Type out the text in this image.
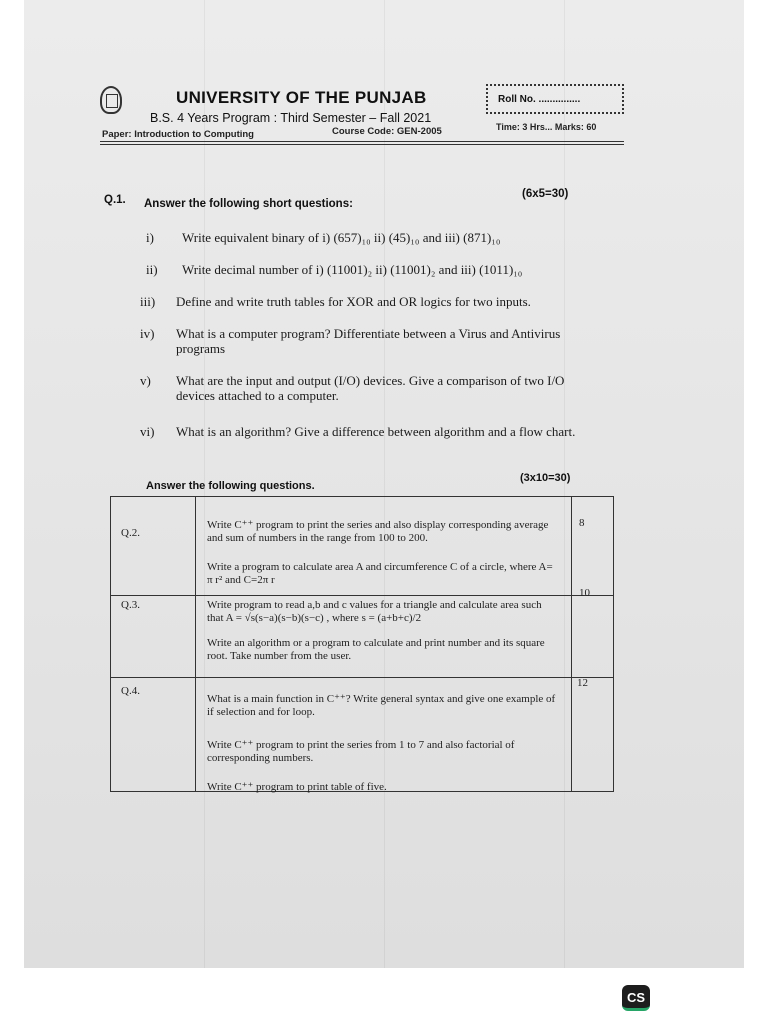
UNIVERSITY OF THE PUNJAB
B.S. 4 Years Program : Third Semester – Fall 2021
Paper: Introduction to Computing	Course Code: GEN-2005
Roll No. ...............
Time: 3 Hrs... Marks: 60
Q.1. Answer the following short questions:
(6x5=30)
i) Write equivalent binary of i) (657)₁₀ ii) (45)₁₀ and iii) (871)₁₀
ii) Write decimal number of i) (11001)₂ ii) (11001)₂ and iii) (1011)₁₀
iii) Define and write truth tables for XOR and OR logics for two inputs.
iv) What is a computer program? Differentiate between a Virus and Antivirus programs
v) What are the input and output (I/O) devices. Give a comparison of two I/O devices attached to a computer.
vi) What is an algorithm? Give a difference between algorithm and a flow chart.
Answer the following questions.
(3x10=30)
Q.2.
Write C⁺⁺ program to print the series and also display corresponding average and sum of numbers in the range from 100 to 200.
Write a program to calculate area A and circumference C of a circle, where A= π r² and C=2π r
8
Q.3.	Write program to read a,b and c values for a triangle and calculate area such that A = √s(s−a)(s−b)(s−c) , where s = (a+b+c)/2
Write an algorithm or a program to calculate and print number and its square root. Take number from the user.
10
Q.4.
What is a main function in C⁺⁺? Write general syntax and give one example of if selection and for loop.
Write C⁺⁺ program to print the series from 1 to 7 and also factorial of corresponding numbers.
Write C⁺⁺ program to print table of five.
12
CS
